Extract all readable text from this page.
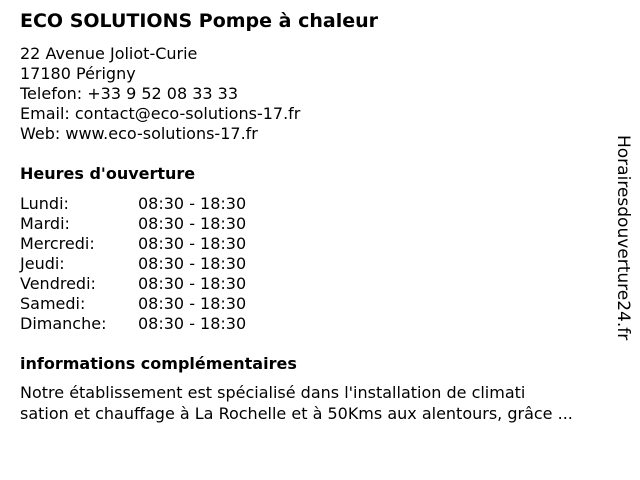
ECO SOLUTIONS Pompe à chaleur
22 Avenue Joliot-Curie
17180 Périgny
Telefon: +33 9 52 08 33 33
Email: contact@eco-solutions-17.fr
Web: www.eco-solutions-17.fr
Heures d'ouverture
Lundi:	08:30 - 18:30
Mardi:	08:30 - 18:30
Mercredi:	08:30 - 18:30
Jeudi:	08:30 - 18:30
Vendredi:	08:30 - 18:30
Samedi:	08:30 - 18:30
Dimanche:	08:30 - 18:30
informations complémentaires
Notre établissement est spécialisé dans l'installation de climati
sation et chauffage à La Rochelle et à 50Kms aux alentours, grâce ...
Horairesdouverture24.fr
